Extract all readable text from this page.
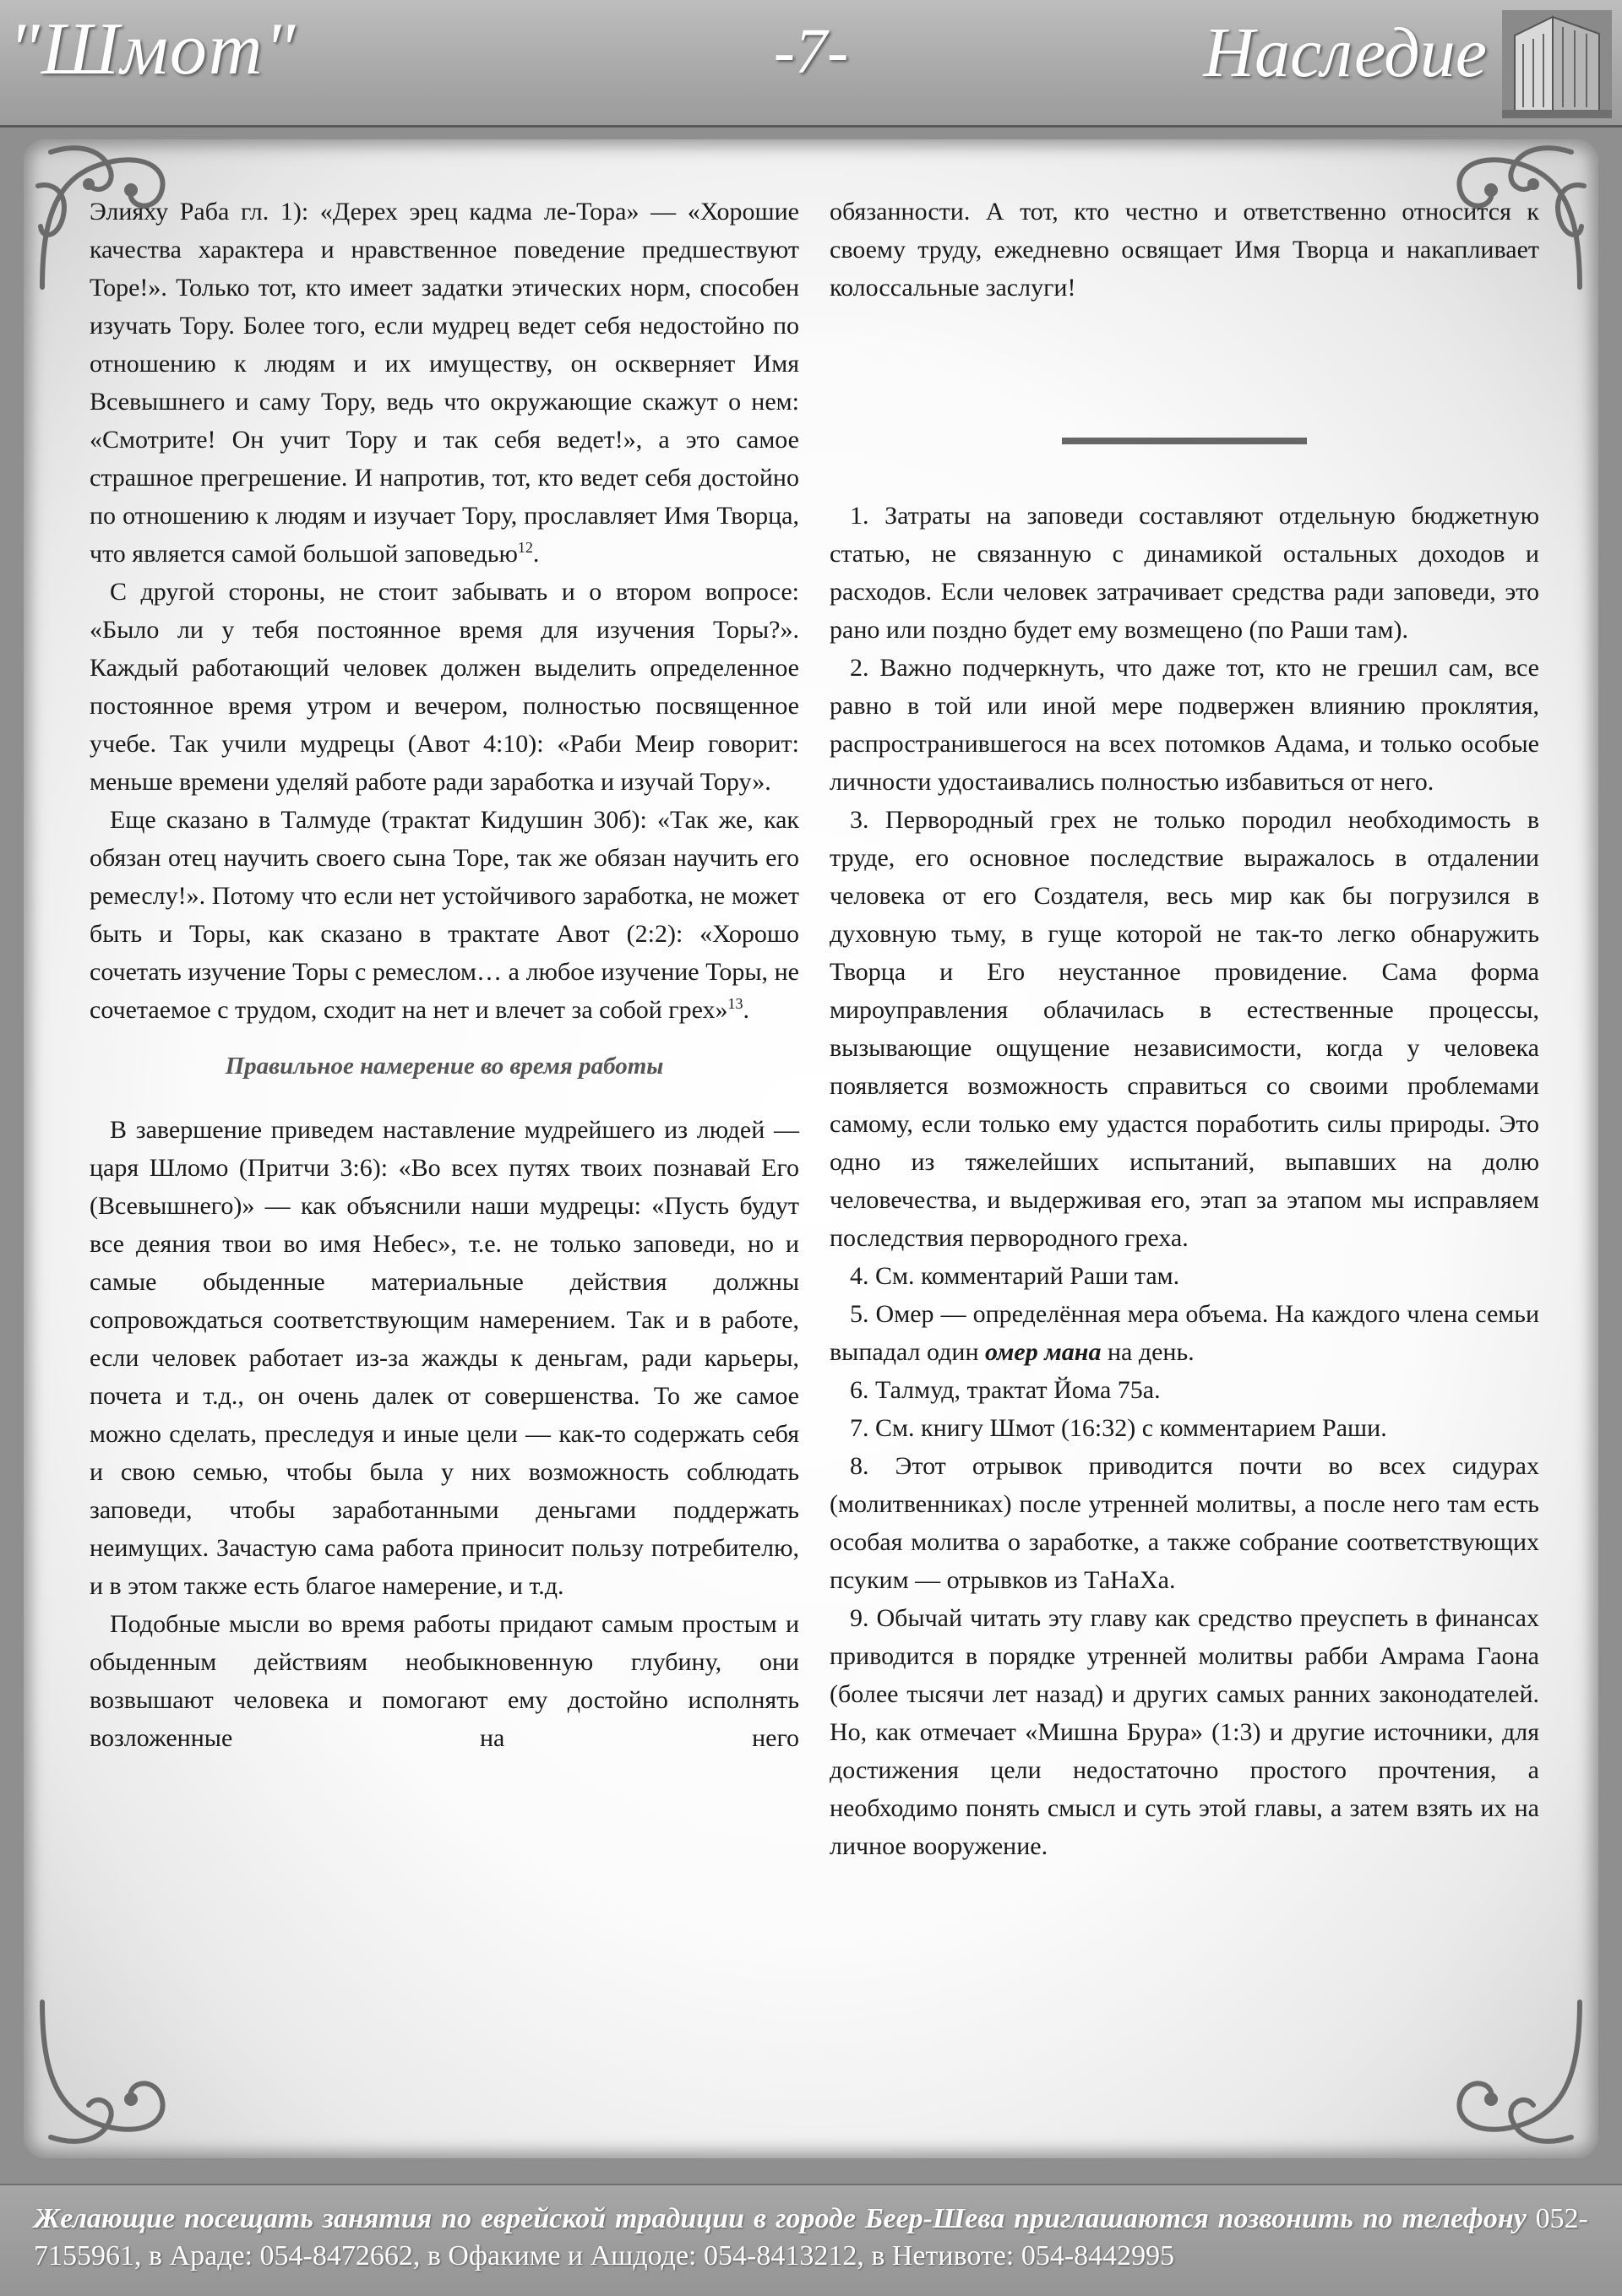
"Шмот"	-7-	Наследие

Элияху Раба гл. 1): «Дерех эрец кадма ле-Тора» — «Хорошие качества характера и нравственное поведение предшествуют Торе!». Только тот, кто имеет задатки этических норм, способен изучать Тору. Более того, если мудрец ведет себя недостойно по отношению к людям и их имуществу, он оскверняет Имя Всевышнего и саму Тору, ведь что окружающие скажут о нем: «Смотрите! Он учит Тору и так себя ведет!», а это самое страшное прегрешение. И напротив, тот, кто ведет себя достойно по отношению к людям и изучает Тору, прославляет Имя Творца, что является самой большой заповедью$^{12}$.

С другой стороны, не стоит забывать и о втором вопросе: «Было ли у тебя постоянное время для изучения Торы?». Каждый работающий человек должен выделить определенное постоянное время утром и вечером, полностью посвященное учебе. Так учили мудрецы (Авот 4:10): «Раби Меир говорит: меньше времени уделяй работе ради заработка и изучай Тору».

Еще сказано в Талмуде (трактат Кидушин 30б): «Так же, как обязан отец научить своего сына Торе, так же обязан научить его ремеслу!». Потому что если нет устойчивого заработка, не может быть и Торы, как сказано в трактате Авот (2:2): «Хорошо сочетать изучение Торы с ремеслом… а любое изучение Торы, не сочетаемое с трудом, сходит на нет и влечет за собой грех»$^{13}$.

Правильное намерение во время работы

В завершение приведем наставление мудрейшего из людей — царя Шломо (Притчи 3:6): «Во всех путях твоих познавай Его (Всевышнего)» — как объяснили наши мудрецы: «Пусть будут все деяния твои во имя Небес», т.е. не только заповеди, но и самые обыденные материальные действия должны сопровождаться соответствующим намерением. Так и в работе, если человек работает из-за жажды к деньгам, ради карьеры, почета и т.д., он очень далек от совершенства. То же самое можно сделать, преследуя и иные цели — как-то содержать себя и свою семью, чтобы была у них возможность соблюдать заповеди, чтобы заработанными деньгами поддержать неимущих. Зачастую сама работа приносит пользу потребителю, и в этом также есть благое намерение, и т.д.

Подобные мысли во время работы придают самым простым и обыденным действиям необыкновенную глубину, они возвышают человека и помогают ему достойно исполнять возложенные на него

обязанности. А тот, кто честно и ответственно относится к своему труду, ежедневно освящает Имя Творца и накапливает колоссальные заслуги!

1. Затраты на заповеди составляют отдельную бюджетную статью, не связанную с динамикой остальных доходов и расходов. Если человек затрачивает средства ради заповеди, это рано или поздно будет ему возмещено (по Раши там).

2. Важно подчеркнуть, что даже тот, кто не грешил сам, все равно в той или иной мере подвержен влиянию проклятия, распространившегося на всех потомков Адама, и только особые личности удостаивались полностью избавиться от него.

3. Первородный грех не только породил необходимость в труде, его основное последствие выражалось в отдалении человека от его Создателя, весь мир как бы погрузился в духовную тьму, в гуще которой не так-то легко обнаружить Творца и Его неустанное провидение. Сама форма мироуправления облачилась в естественные процессы, вызывающие ощущение независимости, когда у человека появляется возможность справиться со своими проблемами самому, если только ему удастся поработить силы природы. Это одно из тяжелейших испытаний, выпавших на долю человечества, и выдерживая его, этап за этапом мы исправляем последствия первородного греха.

4. См. комментарий Раши там.

5. Омер — определённая мера объема. На каждого члена семьи выпадал один омер мана на день.

6. Талмуд, трактат Йома 75а.

7. См. книгу Шмот (16:32) с комментарием Раши.

8. Этот отрывок приводится почти во всех сидурах (молитвенниках) после утренней молитвы, а после него там есть особая молитва о заработке, а также собрание соответствующих псуким — отрывков из ТаНаХа.

9. Обычай читать эту главу как средство преуспеть в финансах приводится в порядке утренней молитвы рабби Амрама Гаона (более тысячи лет назад) и других самых ранних законодателей. Но, как отмечает «Мишна Брура» (1:3) и другие источники, для достижения цели недостаточно простого прочтения, а необходимо понять смысл и суть этой главы, а затем взять их на личное вооружение.

Желающие посещать занятия по еврейской традиции в городе Беер-Шева приглашаются позвонить по телефону 052-7155961, в Араде: 054-8472662, в Офакиме и Ашдоде: 054-8413212, в Нетивоте: 054-8442995
